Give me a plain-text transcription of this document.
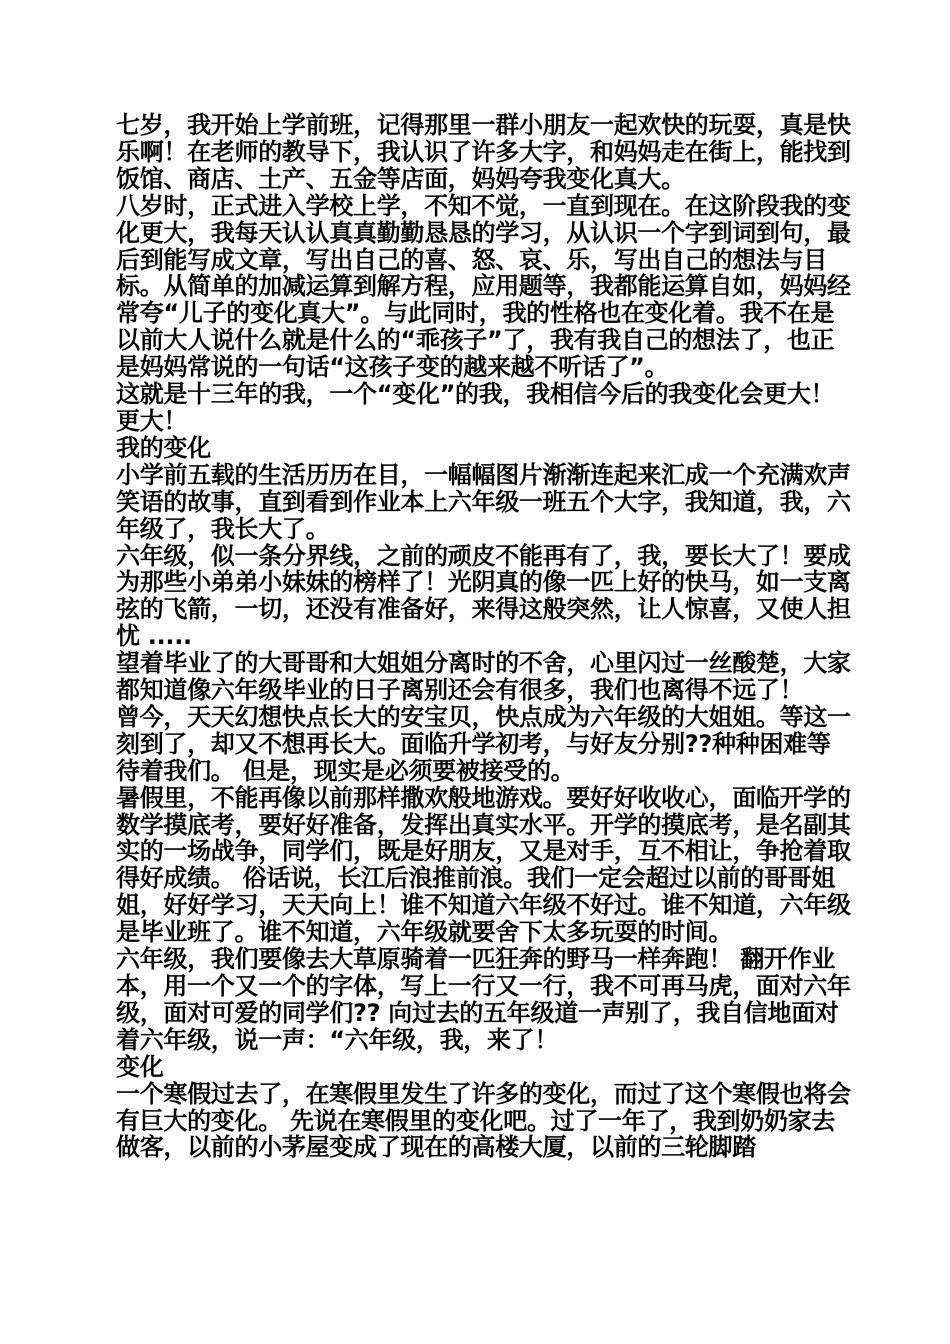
七岁，我开始上学前班，记得那里一群小朋友一起欢快的玩耍，真是快乐啊！在老师的教导下，我认识了许多大字，和妈妈走在街上，能找到饭馆、商店、土产、五金等店面，妈妈夸我变化真大。

八岁时，正式进入学校上学，不知不觉，一直到现在。在这阶段我的变化更大，我每天认认真真勤勤恳恳的学习，从认识一个字到词到句，最后到能写成文章，写出自己的喜、怒、哀、乐，写出自己的想法与目标。从简单的加减运算到解方程，应用题等，我都能运算自如，妈妈经常夸“儿子的变化真大”。与此同时，我的性格也在变化着。我不在是以前大人说什么就是什么的“乖孩子”了，我有我自己的想法了，也正是妈妈常说的一句话“这孩子变的越来越不听话了”。

这就是十三年的我，一个“变化”的我，我相信今后的我变化会更大！更大！

我的变化

小学前五载的生活历历在目，一幅幅图片渐渐连起来汇成一个充满欢声笑语的故事，直到看到作业本上六年级一班五个大字，我知道，我，六年级了，我长大了。

六年级，似一条分界线，之前的顽皮不能再有了，我，要长大了！要成为那些小弟弟小妹妹的榜样了！光阴真的像一匹上好的快马，如一支离弦的飞箭，一切，还没有准备好，来得这般突然，让人惊喜，又使人担忧 .....

望着毕业了的大哥哥和大姐姐分离时的不舍，心里闪过一丝酸楚，大家都知道像六年级毕业的日子离别还会有很多，我们也离得不远了！

曾今，天天幻想快点长大的安宝贝，快点成为六年级的大姐姐。等这一刻到了，却又不想再长大。面临升学初考，与好友分别??种种困难等待着我们。 但是，现实是必须要被接受的。

暑假里，不能再像以前那样撒欢般地游戏。要好好收收心，面临开学的数学摸底考，要好好准备，发挥出真实水平。开学的摸底考，是名副其实的一场战争，同学们，既是好朋友，又是对手，互不相让，争抢着取得好成绩。 俗话说，长江后浪推前浪。我们一定会超过以前的哥哥姐姐，好好学习，天天向上！谁不知道六年级不好过。谁不知道，六年级是毕业班了。谁不知道，六年级就要舍下太多玩耍的时间。

六年级，我们要像去大草原骑着一匹狂奔的野马一样奔跑！ 翻开作业本，用一个又一个的字体，写上一行又一行，我不可再马虎，面对六年级，面对可爱的同学们?? 向过去的五年级道一声别了，我自信地面对着六年级，说一声：“六年级，我，来了！

变化

一个寒假过去了，在寒假里发生了许多的变化，而过了这个寒假也将会有巨大的变化。 先说在寒假里的变化吧。过了一年了，我到奶奶家去做客，以前的小茅屋变成了现在的高楼大厦，以前的三轮脚踏
